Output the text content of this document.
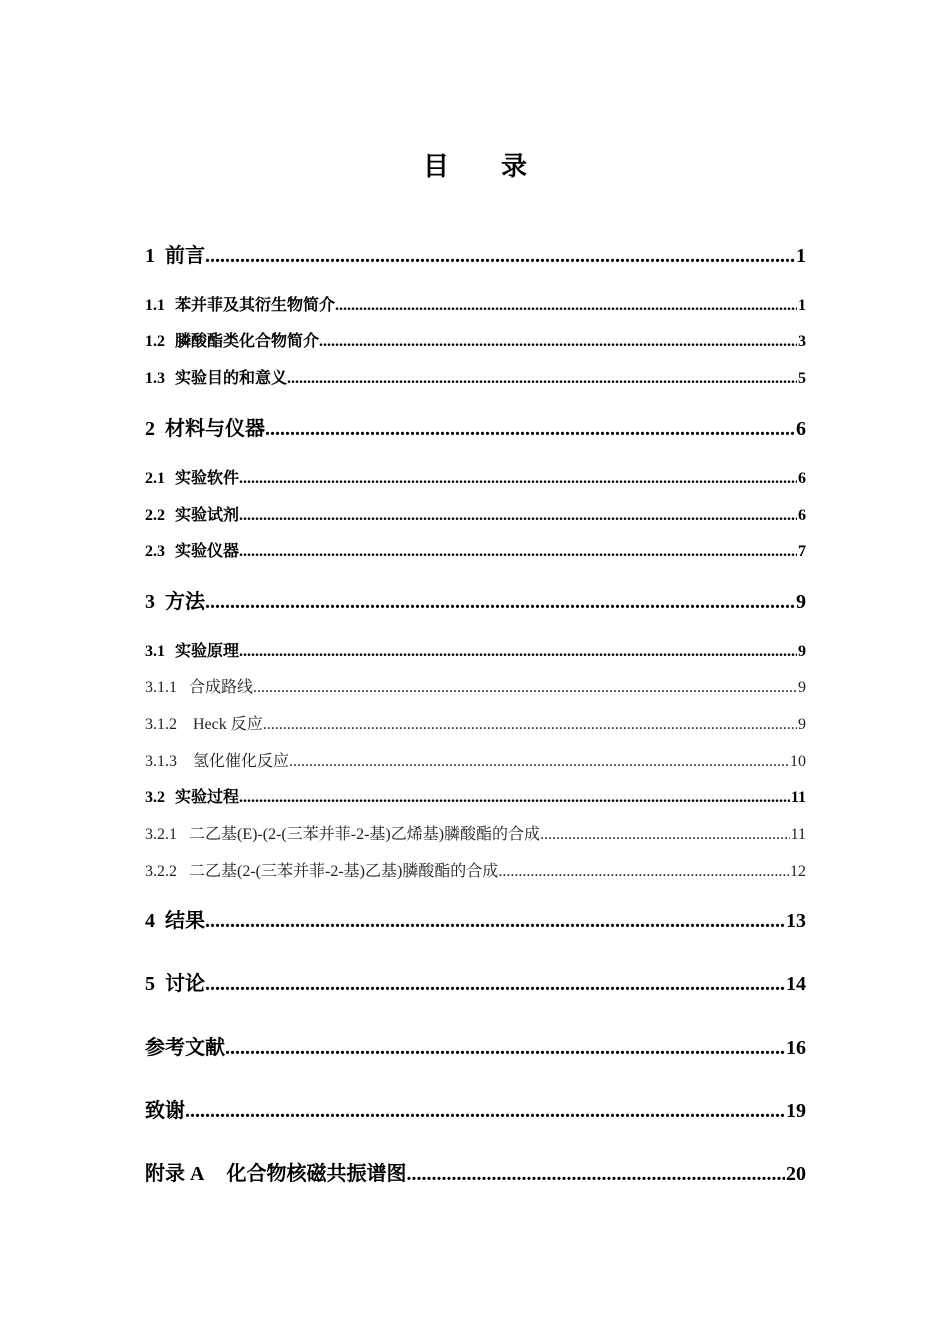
目　　录
1 前言 .....	1
1.1 苯并菲及其衍生物简介 .....	1
1.2 膦酸酯类化合物简介 .....	3
1.3 实验目的和意义 .....	5
2 材料与仪器 .....	6
2.1 实验软件 .....	6
2.2 实验试剂 .....	6
2.3 实验仪器 .....	7
3 方法 .....	9
3.1 实验原理 .....	9
3.1.1 合成路线 .....	9
3.1.2 Heck 反应 .....	9
3.1.3 氢化催化反应 .....	10
3.2 实验过程 .....	11
3.2.1 二乙基(E)-(2-(三苯并菲-2-基)乙烯基)膦酸酯的合成 .....	11
3.2.2 二乙基(2-(三苯并菲-2-基)乙基)膦酸酯的合成 .....	12
4 结果 .....	13
5 讨论 .....	14
参考文献 .....	16
致谢 .....	19
附录 A 化合物核磁共振谱图 .....	20
